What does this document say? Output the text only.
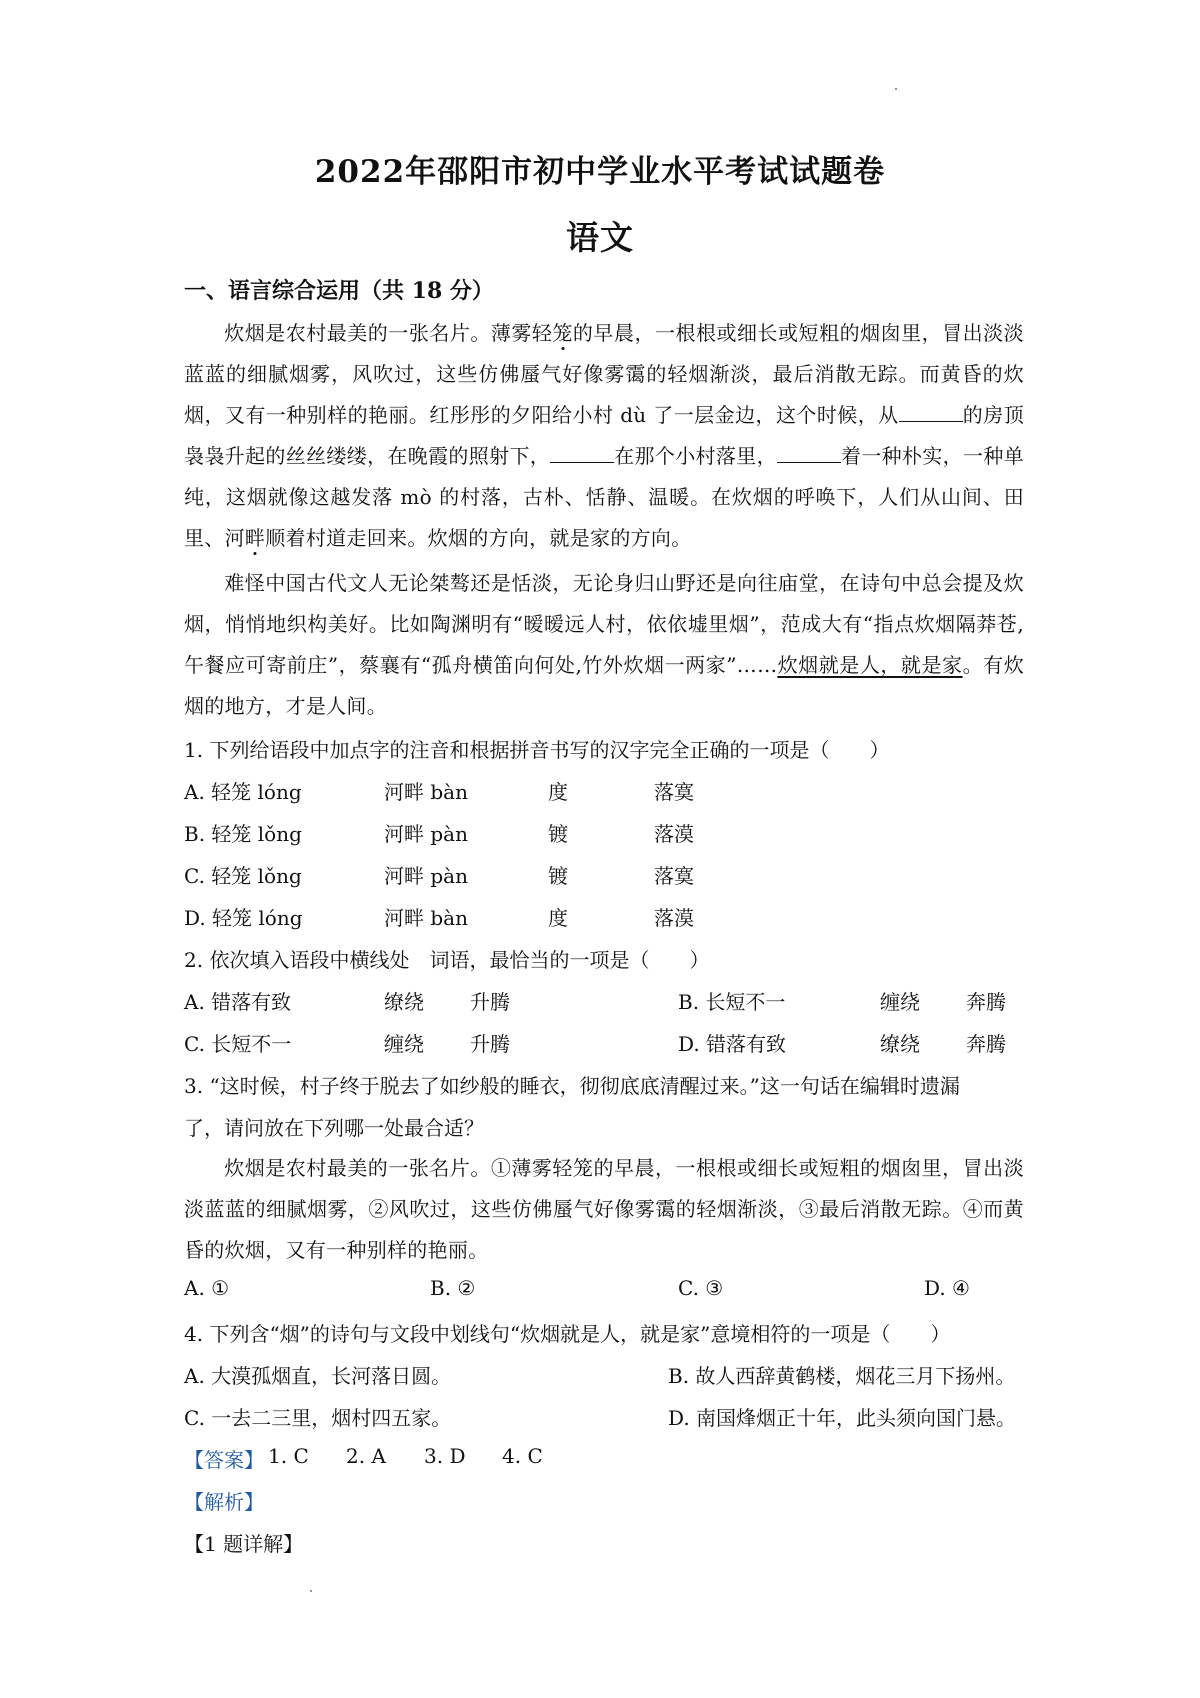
2022年邵阳市初中学业水平考试试题卷
语文
一、语言综合运用（共 18 分）
炊烟是农村最美的一张名片。薄雾轻笼的早晨，一根根或细长或短粗的烟囱里，冒出淡淡蓝蓝的细腻烟雾，风吹过，这些仿佛蜃气好像雾霭的轻烟渐淡，最后消散无踪。而黄昏的炊烟，又有一种别样的艳丽。红彤彤的夕阳给小村 dù 了一层金边，这个时候，从	的房顶袅袅升起的丝丝缕缕，在晚霞的照射下，	在那个小村落里，	着一种朴实，一种单纯，这烟就像这越发落 mò 的村落，古朴、恬静、温暖。在炊烟的呼唤下，人们从山间、田里、河畔顺着村道走回来。炊烟的方向，就是家的方向。
难怪中国古代文人无论桀骜还是恬淡，无论身归山野还是向往庙堂，在诗句中总会提及炊烟，悄悄地织构美好。比如陶渊明有“暧暧远人村，依依墟里烟”，范成大有“指点炊烟隔莽苍,午餐应可寄前庄”，蔡襄有“孤舟横笛向何处,竹外炊烟一两家”……炊烟就是人，就是家。有炊烟的地方，才是人间。
1. 下列给语段中加点字的注音和根据拼音书写的汉字完全正确的一项是（　　）
A. 轻笼 lóng	河畔 bàn	度	落寞
B. 轻笼 lǒng	河畔 pàn	镀	落漠
C. 轻笼 lǒng	河畔 pàn	镀	落寞
D. 轻笼 lóng	河畔 bàn	度	落漠
2. 依次填入语段中横线处　词语，最恰当的一项是（　　）
A. 错落有致	缭绕 升腾	B. 长短不一	缠绕 奔腾
C. 长短不一	缠绕 升腾	D. 错落有致	缭绕 奔腾
3. “这时候，村子终于脱去了如纱般的睡衣，彻彻底底清醒过来。”这一句话在编辑时遗漏
了，请问放在下列哪一处最合适？
炊烟是农村最美的一张名片。①薄雾轻笼的早晨，一根根或细长或短粗的烟囱里，冒出淡淡蓝蓝的细腻烟雾，②风吹过，这些仿佛蜃气好像雾霭的轻烟渐淡，③最后消散无踪。④而黄昏的炊烟，又有一种别样的艳丽。
A. ①	B. ②	C. ③	D. ④
4. 下列含“烟”的诗句与文段中划线句“炊烟就是人，就是家”意境相符的一项是（　　）
A. 大漠孤烟直，长河落日圆。	B. 故人西辞黄鹤楼，烟花三月下扬州。
C. 一去二三里，烟村四五家。	D. 南国烽烟正十年，此头须向国门悬。
【答案】 1. C 2. A 3. D 4. C
【解析】
【1 题详解】
